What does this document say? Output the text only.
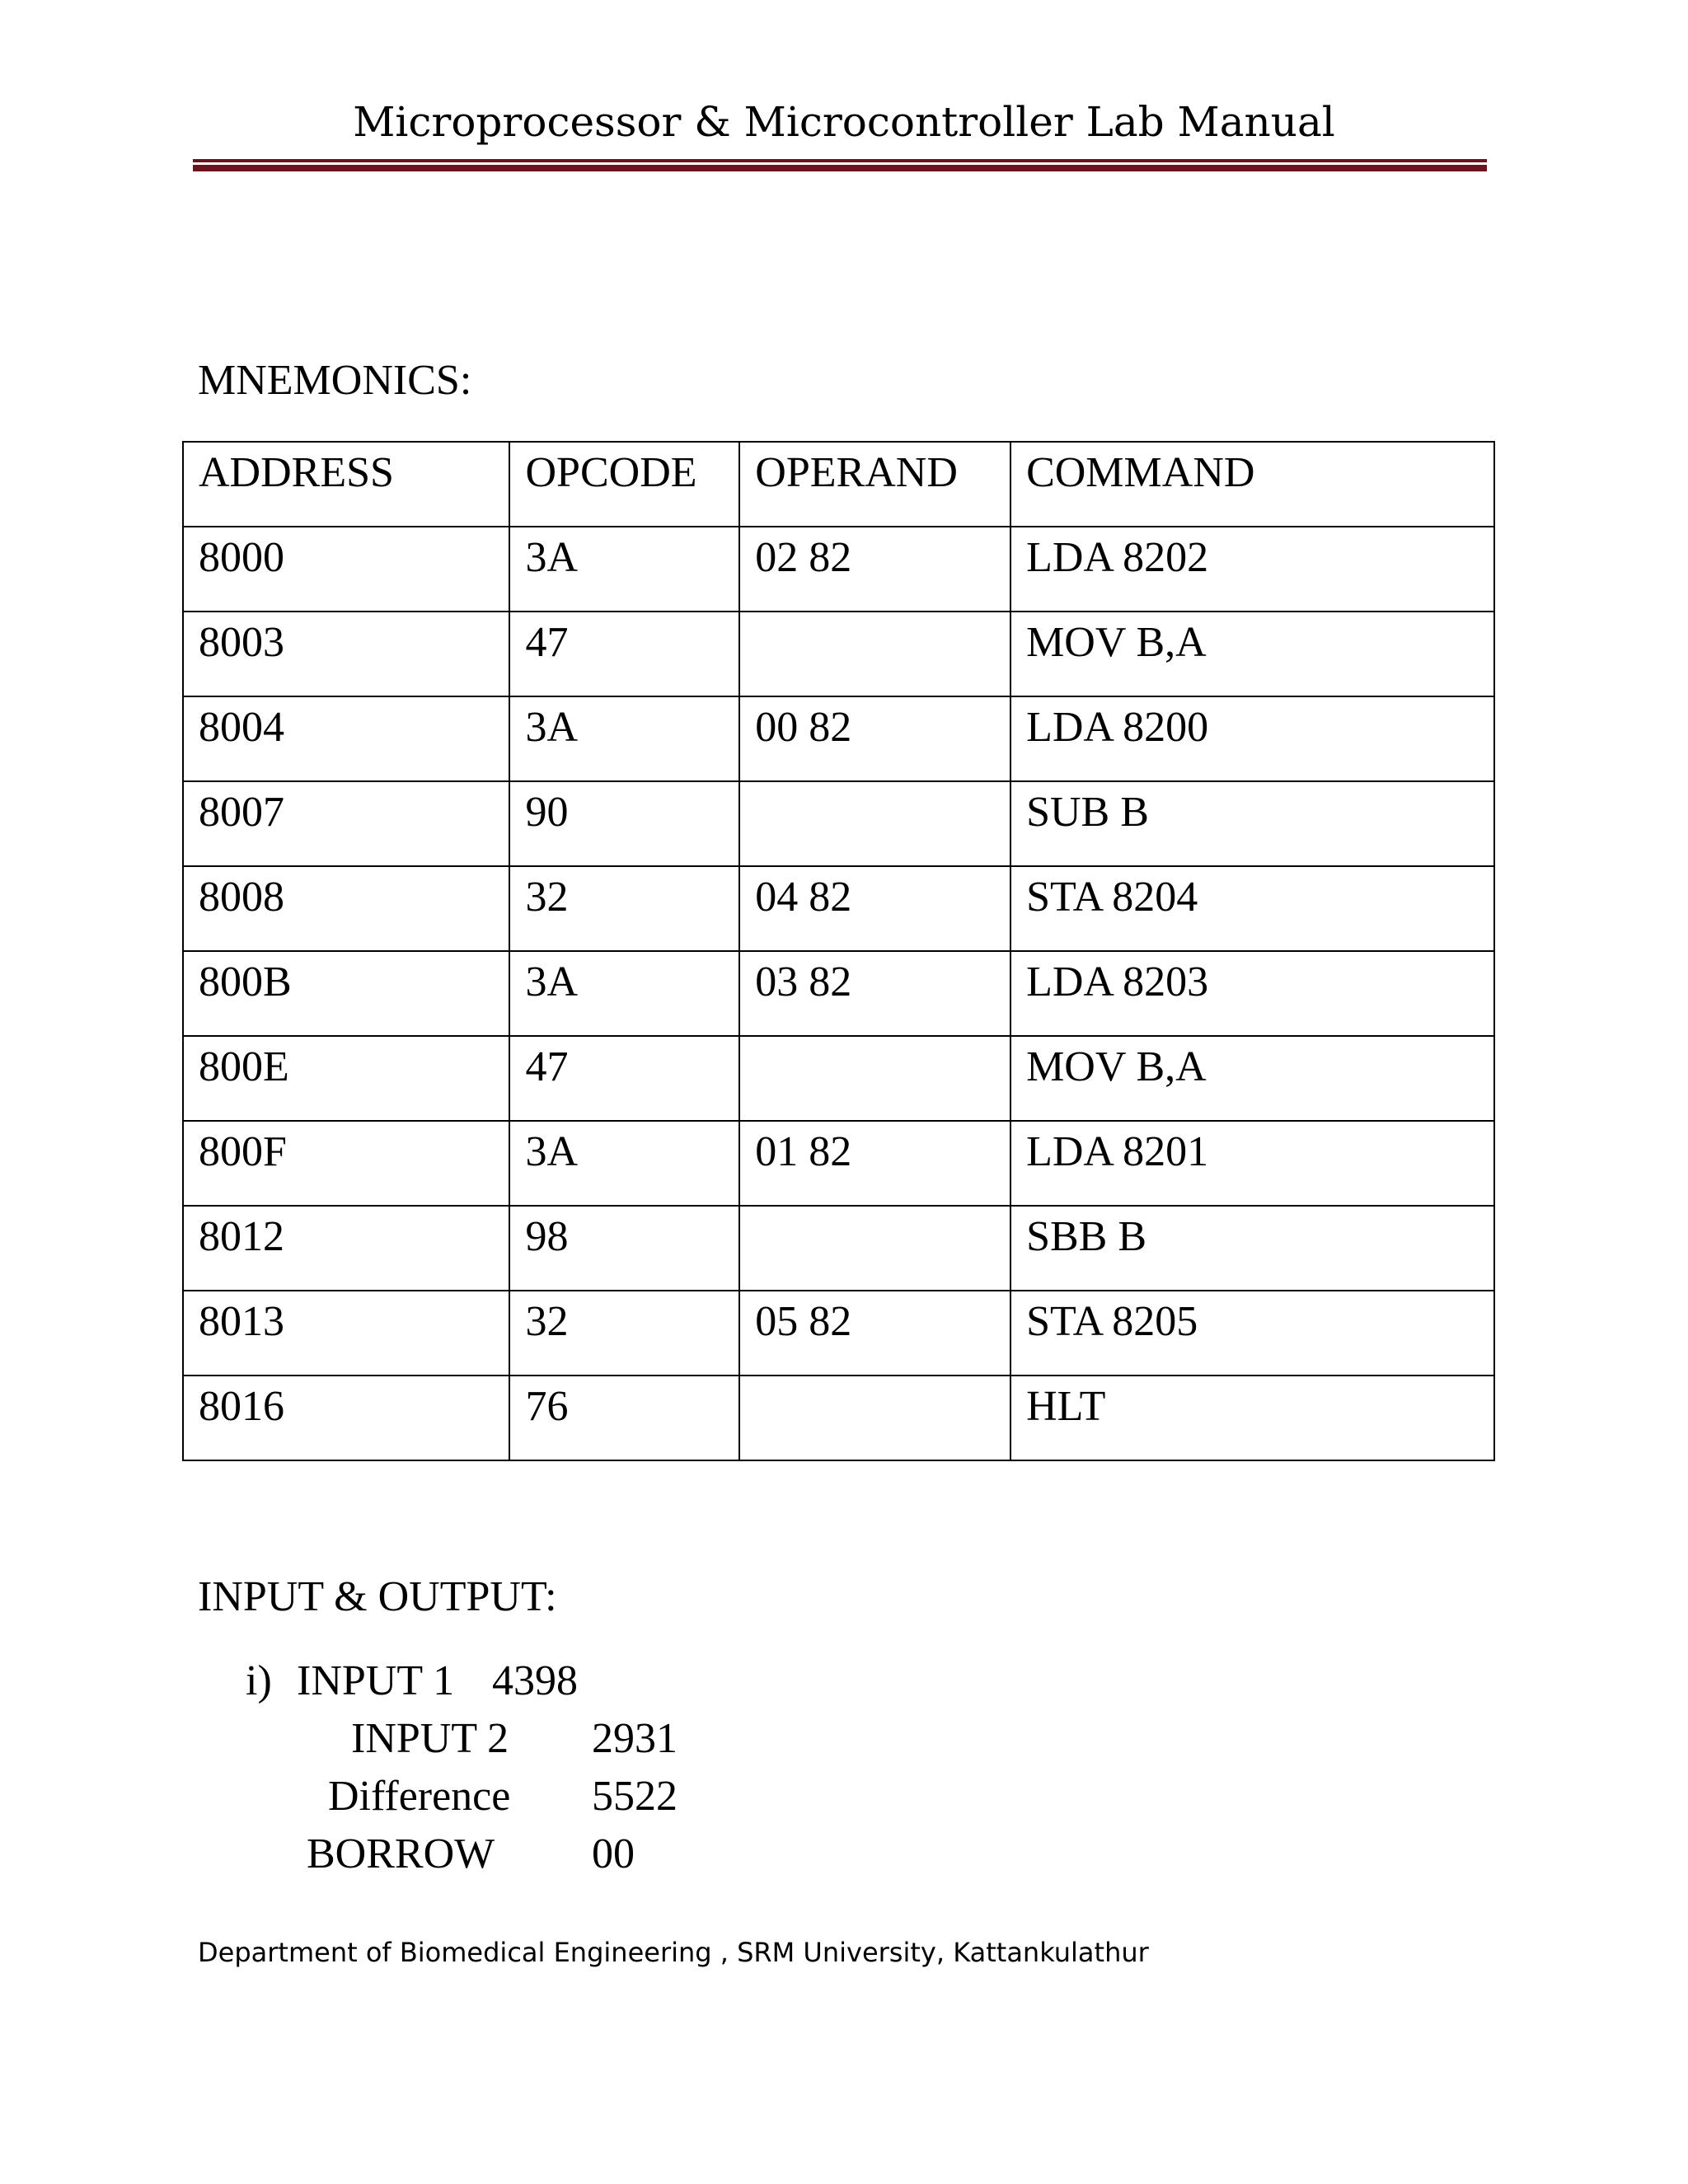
Microprocessor & Microcontroller Lab Manual
MNEMONICS:
ADDRESS	OPCODE	OPERAND	COMMAND
8000	3A	02 82	LDA 8202
8003	47		MOV B,A
8004	3A	00 82	LDA 8200
8007	90		SUB B
8008	32	04 82	STA 8204
800B	3A	03 82	LDA 8203
800E	47		MOV B,A
800F	3A	01 82	LDA 8201
8012	98		SBB B
8013	32	05 82	STA 8205
8016	76		HLT
INPUT & OUTPUT:
i) INPUT 1 4398
INPUT 2 2931
Difference 5522
BORROW 00
Department of Biomedical Engineering , SRM University, Kattankulathur
